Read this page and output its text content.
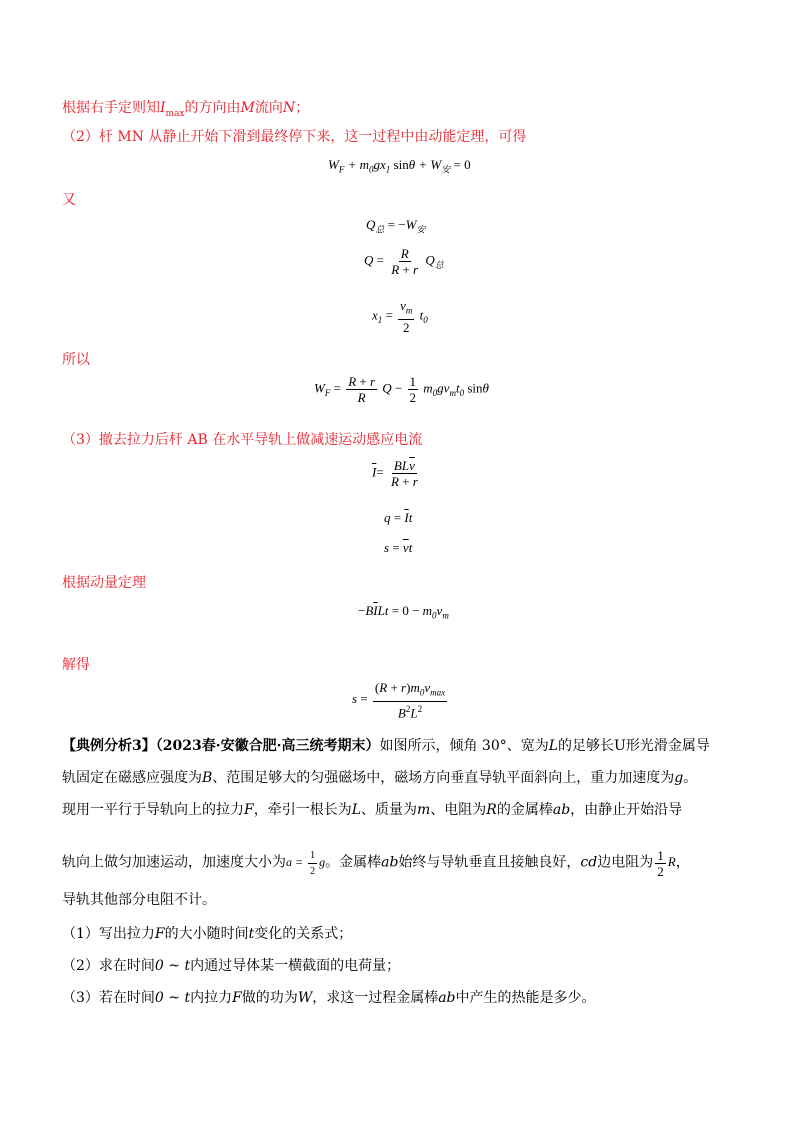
根据右手定则知$I_{max}$的方向由M流向N；
（2）杆 MN 从静止开始下滑到最终停下来，这一过程中由动能定理，可得
$W_F + m_0gx_1$ $\sin\theta + W_安 = 0$
又
$Q_总 = -W_安$
$Q = \frac{R}{R + r} Q_总$
$x_1 = \frac{v_m}{2} t_0$
所以
$W_F = \frac{R + r}{R}$ $Q - \frac{1}{2} m_0gv_mt_0$ sinθ
（3）撤去拉力后杆 AB 在水平导轨上做减速运动感应电流
$\overline{I}= \frac{BL\overline{v}}{R + r}$
$q = \overline{I}t$
$s = \overline{v}t$
根据动量定理
$-B\overline{I}Lt = 0 - m_0v_m$
解得
$s = \frac{(R + r)m_0v_{max}}{B^2L^2}$
【典例分析3】（2023春·安徽合肥·高三统考期末）如图所示，倾角 30°、宽为L的足够长U形光滑金属导
轨固定在磁感应强度为B、范围足够大的匀强磁场中，磁场方向垂直导轨平面斜向上，重力加速度为g。
现用一平行于导轨向上的拉力F，牵引一根长为L、质量为m、电阻为R的金属棒ab，由静止开始沿导
轨向上做匀加速运动，加速度大小为$a = \frac{1}{2}$ g。金属棒ab始终与导轨垂直且接触良好，cd边电阻为 $\frac{1}{2}$ R，
导轨其他部分电阻不计。
（1）写出拉力F的大小随时间t变化的关系式；
（2）求在时间0 ~ t内通过导体某一横截面的电荷量；
（3）若在时间0 ~ t内拉力F做的功为W，求这一过程金属棒ab中产生的热能是多少。
